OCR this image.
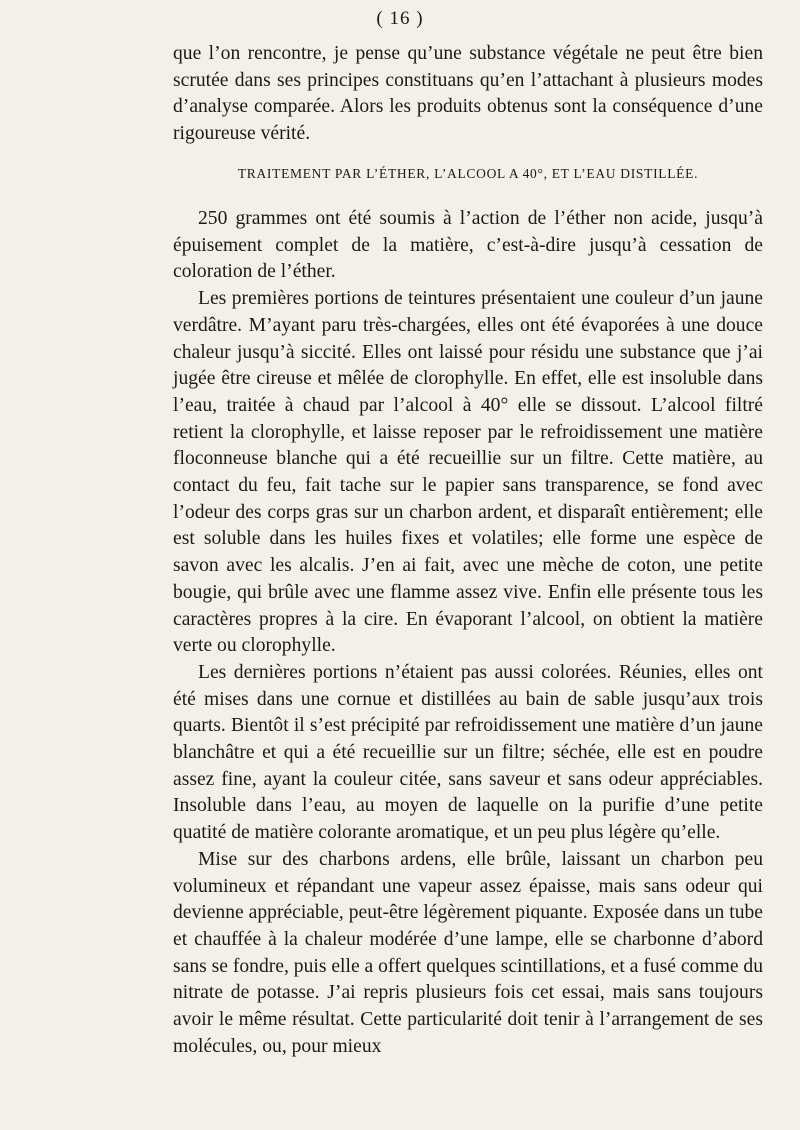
( 16 )

que l’on rencontre, je pense qu’une substance végétale ne peut être bien scrutée dans ses principes constituans qu’en l’attachant à plusieurs modes d’analyse comparée. Alors les produits obtenus sont la conséquence d’une rigoureuse vérité.

TRAITEMENT PAR L’ÉTHER, L’ALCOOL A 40°, ET L’EAU DISTILLÉE.

250 grammes ont été soumis à l’action de l’éther non acide, jusqu’à épuisement complet de la matière, c’est-à-dire jusqu’à cessation de coloration de l’éther.

Les premières portions de teintures présentaient une couleur d’un jaune verdâtre. M’ayant paru très-chargées, elles ont été évaporées à une douce chaleur jusqu’à siccité. Elles ont laissé pour résidu une substance que j’ai jugée être cireuse et mêlée de clorophylle. En effet, elle est insoluble dans l’eau, traitée à chaud par l’alcool à 40° elle se dissout. L’alcool filtré retient la clorophylle, et laisse reposer par le refroidissement une matière floconneuse blanche qui a été recueillie sur un filtre. Cette matière, au contact du feu, fait tache sur le papier sans transparence, se fond avec l’odeur des corps gras sur un charbon ardent, et disparaît entièrement; elle est soluble dans les huiles fixes et volatiles; elle forme une espèce de savon avec les alcalis. J’en ai fait, avec une mèche de coton, une petite bougie, qui brûle avec une flamme assez vive. Enfin elle présente tous les caractères propres à la cire. En évaporant l’alcool, on obtient la matière verte ou clorophylle.

Les dernières portions n’étaient pas aussi colorées. Réunies, elles ont été mises dans une cornue et distillées au bain de sable jusqu’aux trois quarts. Bientôt il s’est précipité par refroidissement une matière d’un jaune blanchâtre et qui a été recueillie sur un filtre; séchée, elle est en poudre assez fine, ayant la couleur citée, sans saveur et sans odeur appréciables. Insoluble dans l’eau, au moyen de laquelle on la purifie d’une petite quatité de matière colorante aromatique, et un peu plus légère qu’elle.

Mise sur des charbons ardens, elle brûle, laissant un charbon peu volumineux et répandant une vapeur assez épaisse, mais sans odeur qui devienne appréciable, peut-être légèrement piquante. Exposée dans un tube et chauffée à la chaleur modérée d’une lampe, elle se charbonne d’abord sans se fondre, puis elle a offert quelques scintillations, et a fusé comme du nitrate de potasse. J’ai repris plusieurs fois cet essai, mais sans toujours avoir le même résultat. Cette particularité doit tenir à l’arrangement de ses molécules, ou, pour mieux
